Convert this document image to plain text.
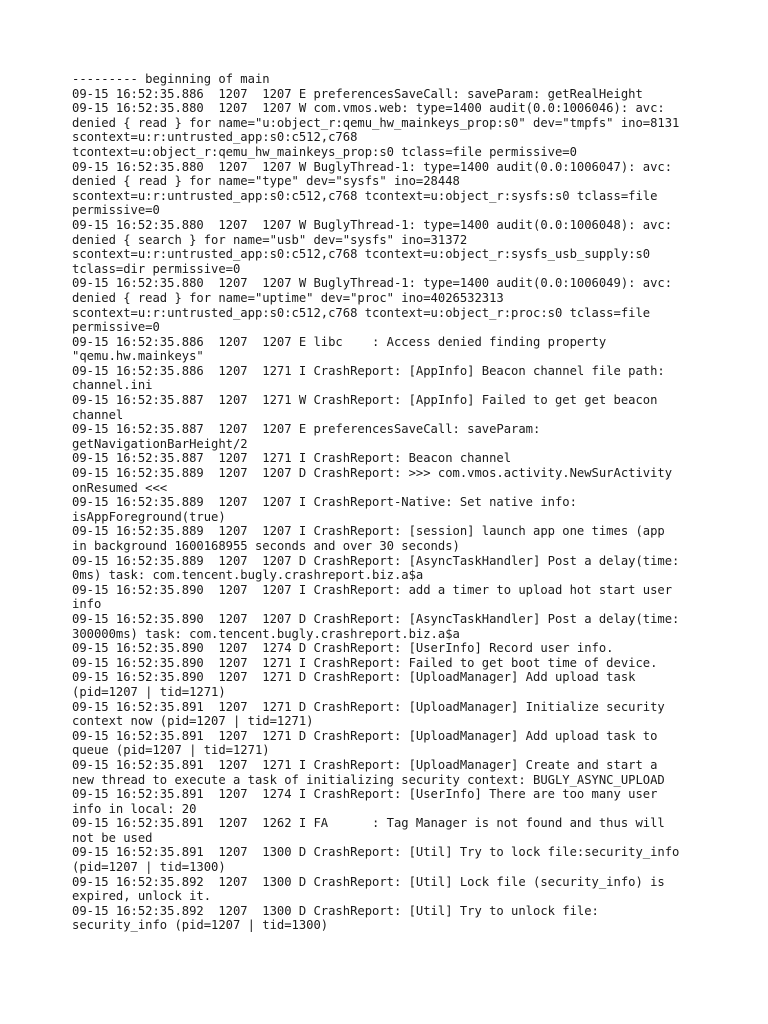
--------- beginning of main
09-15 16:52:35.886  1207  1207 E preferencesSaveCall: saveParam: getRealHeight
09-15 16:52:35.880  1207  1207 W com.vmos.web: type=1400 audit(0.0:1006046): avc:
denied { read } for name="u:object_r:qemu_hw_mainkeys_prop:s0" dev="tmpfs" ino=8131
scontext=u:r:untrusted_app:s0:c512,c768
tcontext=u:object_r:qemu_hw_mainkeys_prop:s0 tclass=file permissive=0
09-15 16:52:35.880  1207  1207 W BuglyThread-1: type=1400 audit(0.0:1006047): avc:
denied { read } for name="type" dev="sysfs" ino=28448
scontext=u:r:untrusted_app:s0:c512,c768 tcontext=u:object_r:sysfs:s0 tclass=file
permissive=0
09-15 16:52:35.880  1207  1207 W BuglyThread-1: type=1400 audit(0.0:1006048): avc:
denied { search } for name="usb" dev="sysfs" ino=31372
scontext=u:r:untrusted_app:s0:c512,c768 tcontext=u:object_r:sysfs_usb_supply:s0
tclass=dir permissive=0
09-15 16:52:35.880  1207  1207 W BuglyThread-1: type=1400 audit(0.0:1006049): avc:
denied { read } for name="uptime" dev="proc" ino=4026532313
scontext=u:r:untrusted_app:s0:c512,c768 tcontext=u:object_r:proc:s0 tclass=file
permissive=0
09-15 16:52:35.886  1207  1207 E libc    : Access denied finding property
"qemu.hw.mainkeys"
09-15 16:52:35.886  1207  1271 I CrashReport: [AppInfo] Beacon channel file path:
channel.ini
09-15 16:52:35.887  1207  1271 W CrashReport: [AppInfo] Failed to get get beacon
channel
09-15 16:52:35.887  1207  1207 E preferencesSaveCall: saveParam:
getNavigationBarHeight/2
09-15 16:52:35.887  1207  1271 I CrashReport: Beacon channel
09-15 16:52:35.889  1207  1207 D CrashReport: >>> com.vmos.activity.NewSurActivity
onResumed <<<
09-15 16:52:35.889  1207  1207 I CrashReport-Native: Set native info:
isAppForeground(true)
09-15 16:52:35.889  1207  1207 I CrashReport: [session] launch app one times (app
in background 1600168955 seconds and over 30 seconds)
09-15 16:52:35.889  1207  1207 D CrashReport: [AsyncTaskHandler] Post a delay(time:
0ms) task: com.tencent.bugly.crashreport.biz.a$a
09-15 16:52:35.890  1207  1207 I CrashReport: add a timer to upload hot start user
info
09-15 16:52:35.890  1207  1207 D CrashReport: [AsyncTaskHandler] Post a delay(time:
300000ms) task: com.tencent.bugly.crashreport.biz.a$a
09-15 16:52:35.890  1207  1274 D CrashReport: [UserInfo] Record user info.
09-15 16:52:35.890  1207  1271 I CrashReport: Failed to get boot time of device.
09-15 16:52:35.890  1207  1271 D CrashReport: [UploadManager] Add upload task
(pid=1207 | tid=1271)
09-15 16:52:35.891  1207  1271 D CrashReport: [UploadManager] Initialize security
context now (pid=1207 | tid=1271)
09-15 16:52:35.891  1207  1271 D CrashReport: [UploadManager] Add upload task to
queue (pid=1207 | tid=1271)
09-15 16:52:35.891  1207  1271 I CrashReport: [UploadManager] Create and start a
new thread to execute a task of initializing security context: BUGLY_ASYNC_UPLOAD
09-15 16:52:35.891  1207  1274 I CrashReport: [UserInfo] There are too many user
info in local: 20
09-15 16:52:35.891  1207  1262 I FA      : Tag Manager is not found and thus will
not be used
09-15 16:52:35.891  1207  1300 D CrashReport: [Util] Try to lock file:security_info
(pid=1207 | tid=1300)
09-15 16:52:35.892  1207  1300 D CrashReport: [Util] Lock file (security_info) is
expired, unlock it.
09-15 16:52:35.892  1207  1300 D CrashReport: [Util] Try to unlock file:
security_info (pid=1207 | tid=1300)
